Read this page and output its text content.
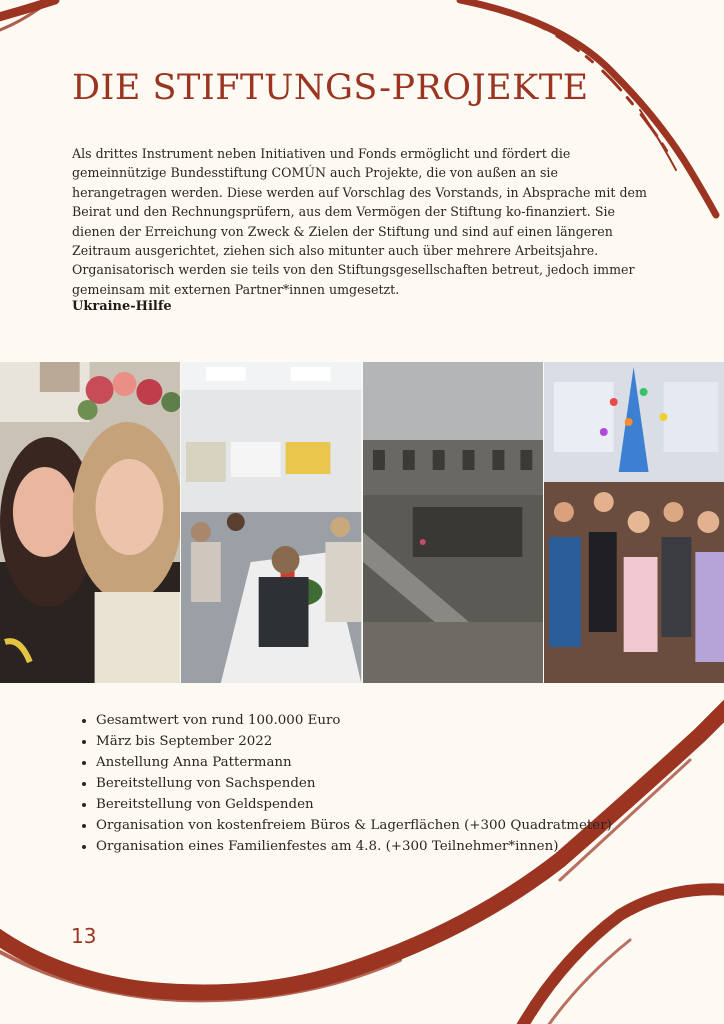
DIE STIFTUNGS-PROJEKTE

Als drittes Instrument neben Initiativen und Fonds ermöglicht und fördert die gemeinnützige Bundesstiftung COMÚN auch Projekte, die von außen an sie herangetragen werden. Diese werden auf Vorschlag des Vorstands, in Absprache mit dem Beirat und den Rechnungsprüfern, aus dem Vermögen der Stiftung ko-finanziert. Sie dienen der Erreichung von Zweck & Zielen der Stiftung und sind auf einen längeren Zeitraum ausgerichtet, ziehen sich also mitunter auch über mehrere Arbeitsjahre. Organisatorisch werden sie teils von den Stiftungsgesellschaften betreut, jedoch immer gemeinsam mit externen Partner*innen umgesetzt.

Ukraine-Hilfe
• Gesamtwert von rund 100.000 Euro
• März bis September 2022
• Anstellung Anna Pattermann
• Bereitstellung von Sachspenden
• Bereitstellung von Geldspenden
• Organisation von kostenfreiem Büros & Lagerflächen (+300 Quadratmeter)
• Organisation eines Familienfestes am 4.8. (+300 Teilnehmer*innen)
13
